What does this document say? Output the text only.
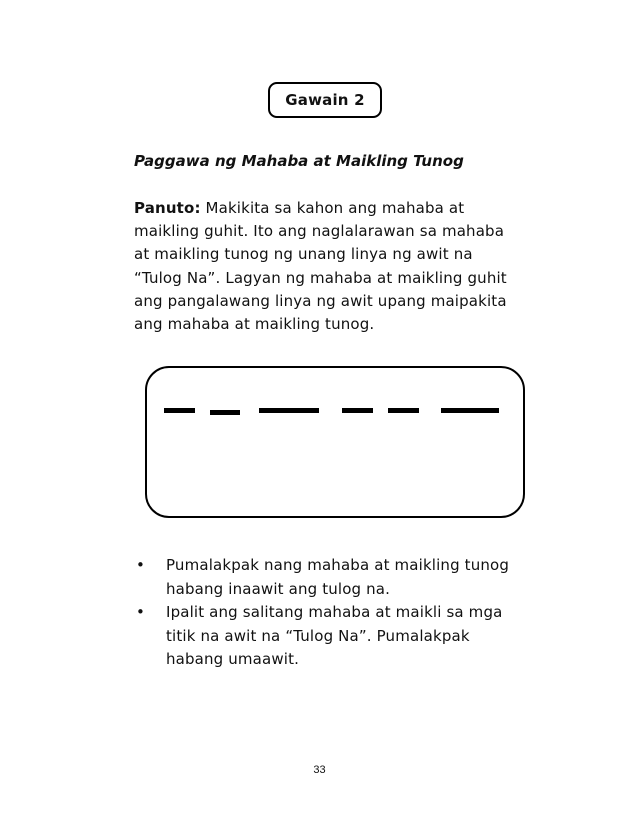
Gawain 2
Paggawa ng Mahaba at Maikling Tunog
Panuto: Makikita sa kahon ang mahaba at
maikling guhit. Ito ang naglalarawan sa mahaba
at maikling tunog ng unang linya ng awit na
“Tulog Na”. Lagyan ng mahaba at maikling guhit
ang pangalawang linya ng awit upang maipakita
ang mahaba at maikling tunog.
• Pumalakpak nang mahaba at maikling tunog
habang inaawit ang tulog na.
• Ipalit ang salitang mahaba at maikli sa mga
titik na awit na “Tulog Na”. Pumalakpak
habang umaawit.
33
